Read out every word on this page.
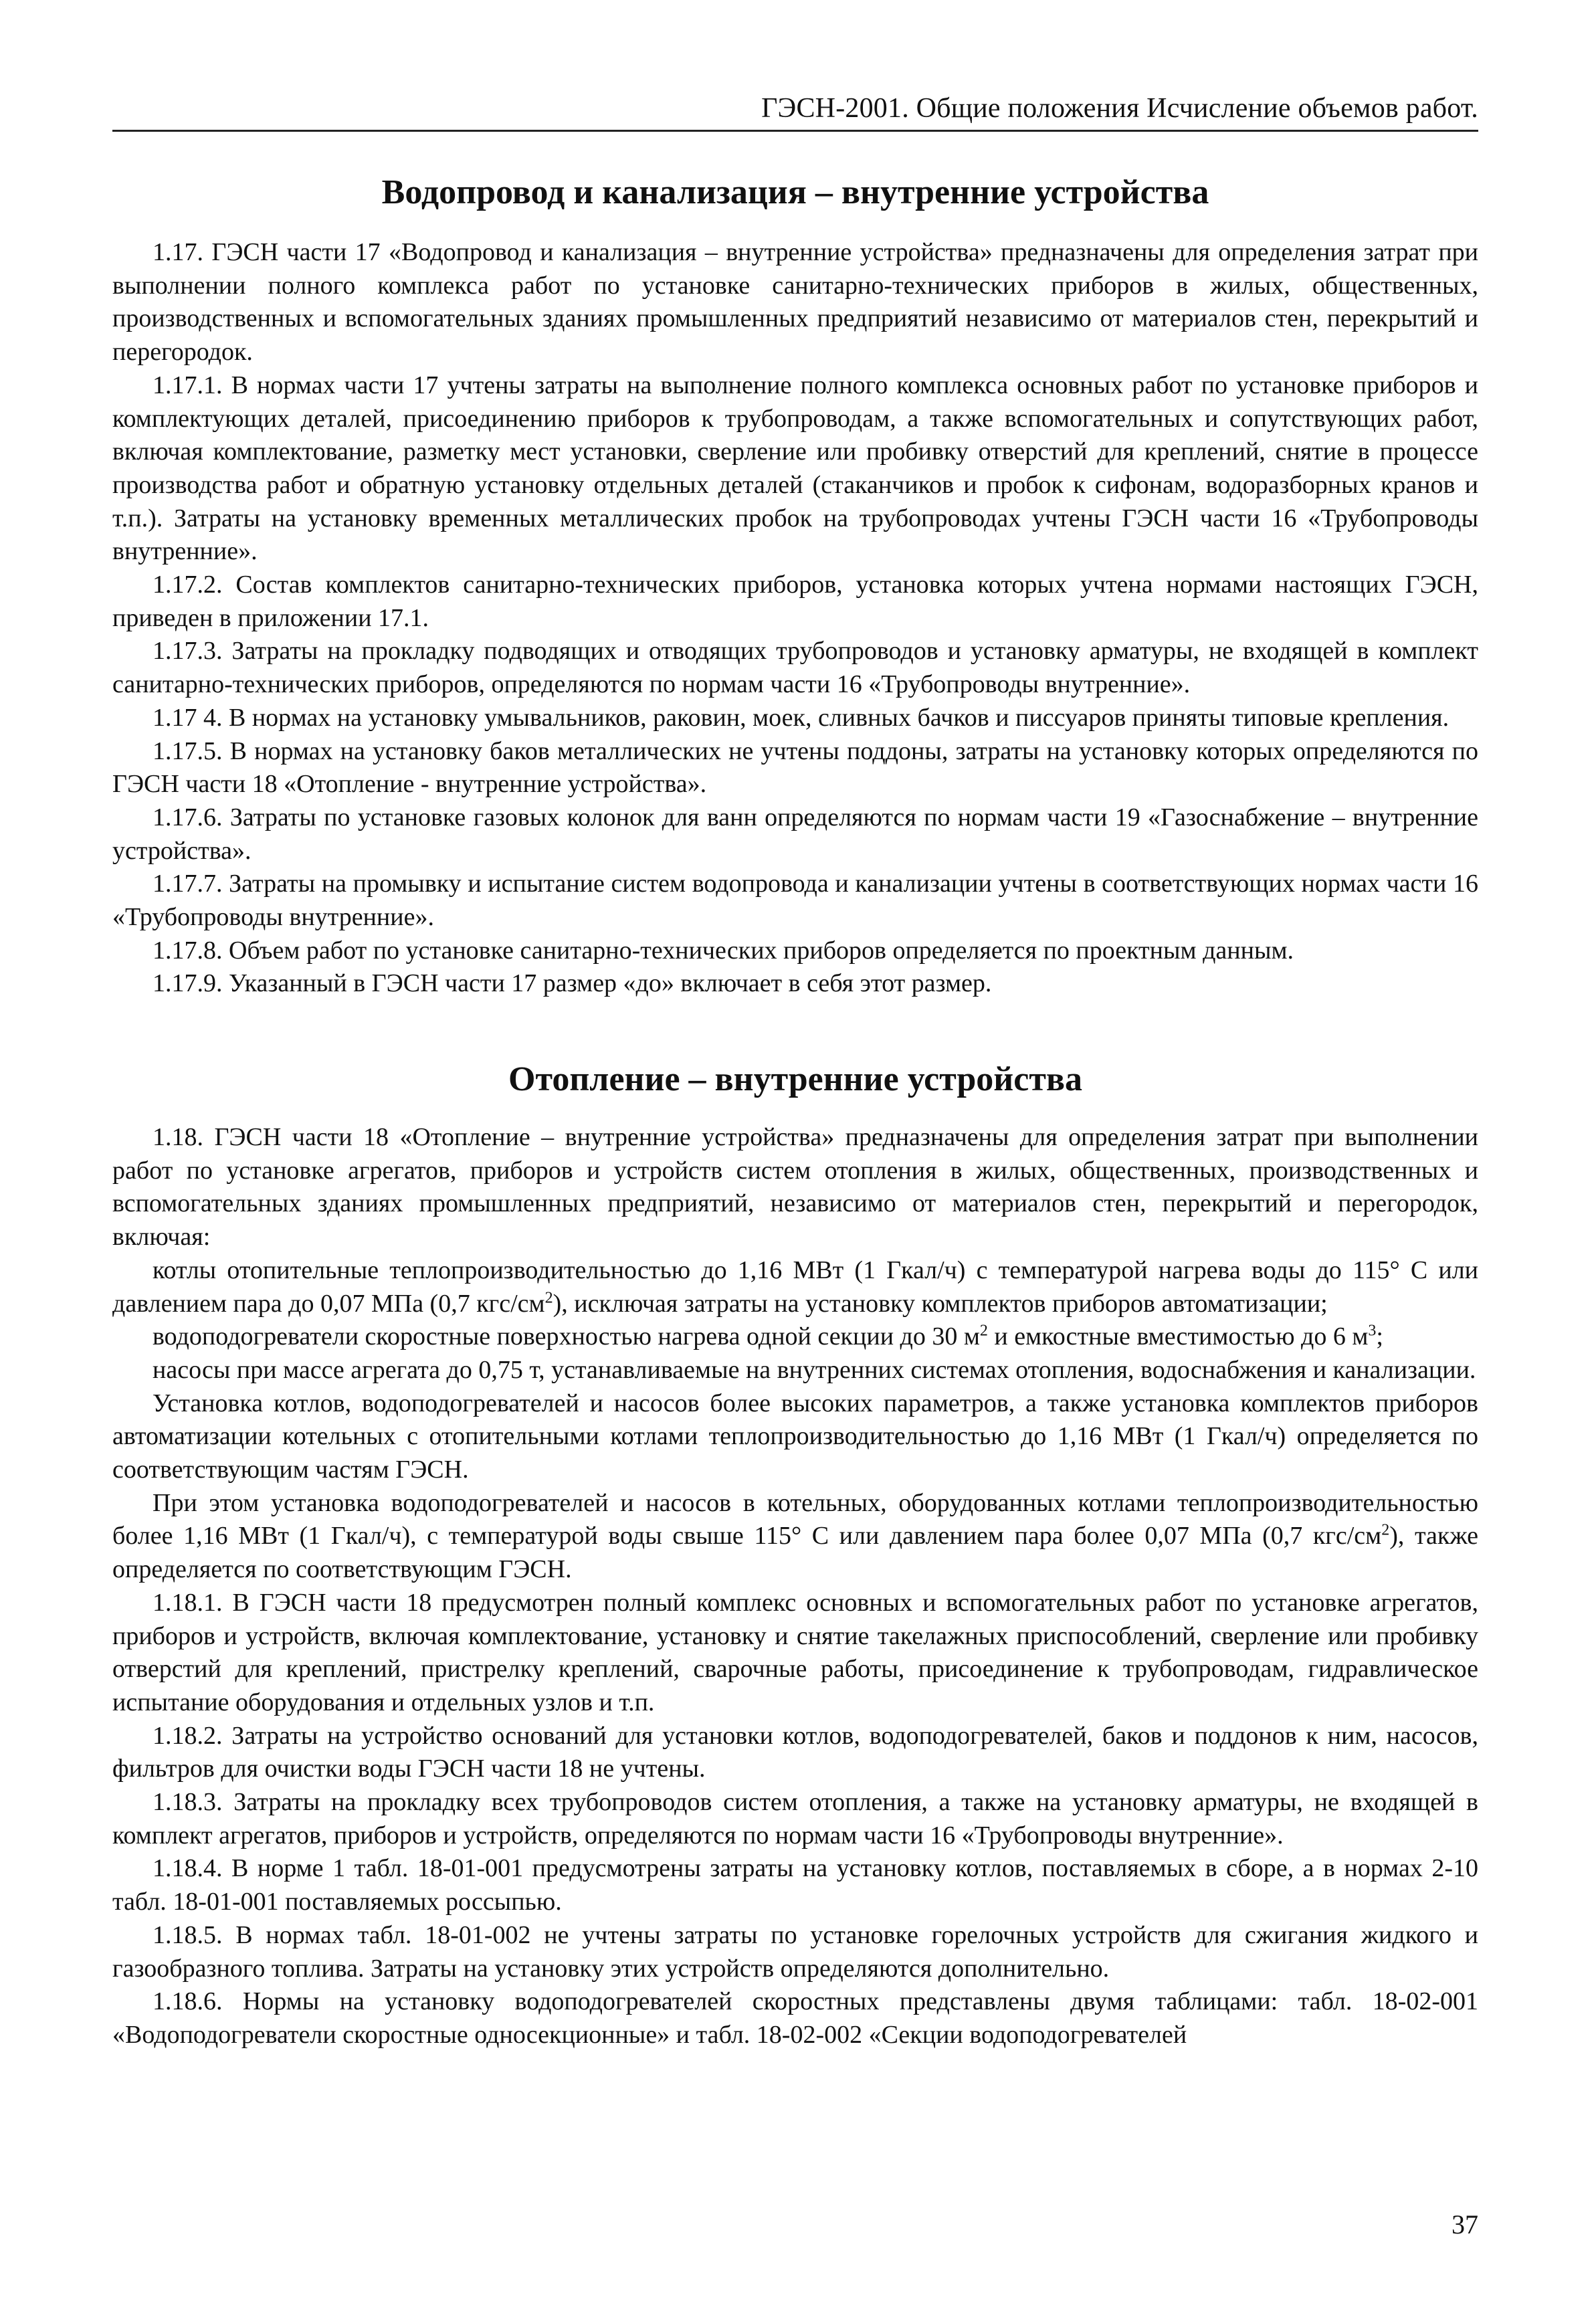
ГЭСН-2001. Общие положения Исчисление объемов работ.
Водопровод и канализация – внутренние устройства

1.17. ГЭСН части 17 «Водопровод и канализация – внутренние устройства» предназначены для определения затрат при выполнении полного комплекса работ по установке санитарно-технических приборов в жилых, общественных, производственных и вспомогательных зданиях промышленных предприятий независимо от материалов стен, перекрытий и перегородок.

1.17.1. В нормах части 17 учтены затраты на выполнение полного комплекса основных работ по установке приборов и комплектующих деталей, присоединению приборов к трубопроводам, а также вспомогательных и сопутствующих работ, включая комплектование, разметку мест установки, сверление или пробивку отверстий для креплений, снятие в процессе производства работ и обратную установку отдельных деталей (стаканчиков и пробок к сифонам, водоразборных кранов и т.п.). Затраты на установку временных металлических пробок на трубопроводах учтены ГЭСН части 16 «Трубопроводы внутренние».

1.17.2. Состав комплектов санитарно-технических приборов, установка которых учтена нормами настоящих ГЭСН, приведен в приложении 17.1.

1.17.3. Затраты на прокладку подводящих и отводящих трубопроводов и установку арматуры, не входящей в комплект санитарно-технических приборов, определяются по нормам части 16 «Трубопроводы внутренние».

1.17 4. В нормах на установку умывальников, раковин, моек, сливных бачков и писсуаров приняты типовые крепления.

1.17.5. В нормах на установку баков металлических не учтены поддоны, затраты на установку которых определяются по ГЭСН части 18 «Отопление - внутренние устройства».

1.17.6. Затраты по установке газовых колонок для ванн определяются по нормам части 19 «Газоснабжение – внутренние устройства».

1.17.7. Затраты на промывку и испытание систем водопровода и канализации учтены в соответствующих нормах части 16 «Трубопроводы внутренние».

1.17.8. Объем работ по установке санитарно-технических приборов определяется по проектным данным.

1.17.9. Указанный в ГЭСН части 17 размер «до» включает в себя этот размер.

Отопление – внутренние устройства

1.18. ГЭСН части 18 «Отопление – внутренние устройства» предназначены для определения затрат при выполнении работ по установке агрегатов, приборов и устройств систем отопления в жилых, общественных, производственных и вспомогательных зданиях промышленных предприятий, независимо от материалов стен, перекрытий и перегородок, включая:

котлы отопительные теплопроизводительностью до 1,16 МВт (1 Гкал/ч) с температурой нагрева воды до 115° С или давлением пара до 0,07 МПа (0,7 кгс/$см^2$), исключая затраты на установку комплектов приборов автоматизации;

водоподогреватели скоростные поверхностью нагрева одной секции до 30 $м^2$ и емкостные вместимостью до 6 $м^3$;

насосы при массе агрегата до 0,75 т, устанавливаемые на внутренних системах отопления, водоснабжения и канализации.

Установка котлов, водоподогревателей и насосов более высоких параметров, а также установка комплектов приборов автоматизации котельных с отопительными котлами теплопроизводительностью до 1,16 МВт (1 Гкал/ч) определяется по соответствующим частям ГЭСН.

При этом установка водоподогревателей и насосов в котельных, оборудованных котлами теплопроизводительностью более 1,16 МВт (1 Гкал/ч), с температурой воды свыше 115° С или давлением пара более 0,07 МПа (0,7 кгс/$см^2$), также определяется по соответствующим ГЭСН.

1.18.1. В ГЭСН части 18 предусмотрен полный комплекс основных и вспомогательных работ по установке агрегатов, приборов и устройств, включая комплектование, установку и снятие такелажных приспособлений, сверление или пробивку отверстий для креплений, пристрелку креплений, сварочные работы, присоединение к трубопроводам, гидравлическое испытание оборудования и отдельных узлов и т.п.

1.18.2. Затраты на устройство оснований для установки котлов, водоподогревателей, баков и поддонов к ним, насосов, фильтров для очистки воды ГЭСН части 18 не учтены.

1.18.3. Затраты на прокладку всех трубопроводов систем отопления, а также на установку арматуры, не входящей в комплект агрегатов, приборов и устройств, определяются по нормам части 16 «Трубопроводы внутренние».

1.18.4. В норме 1 табл. 18-01-001 предусмотрены затраты на установку котлов, поставляемых в сборе, а в нормах 2-10 табл. 18-01-001 поставляемых россыпью.

1.18.5. В нормах табл. 18-01-002 не учтены затраты по установке горелочных устройств для сжигания жидкого и газообразного топлива. Затраты на установку этих устройств определяются дополнительно.

1.18.6. Нормы на установку водоподогревателей скоростных представлены двумя таблицами: табл. 18-02-001 «Водоподогреватели скоростные односекционные» и табл. 18-02-002 «Секции водоподогревателей

37
